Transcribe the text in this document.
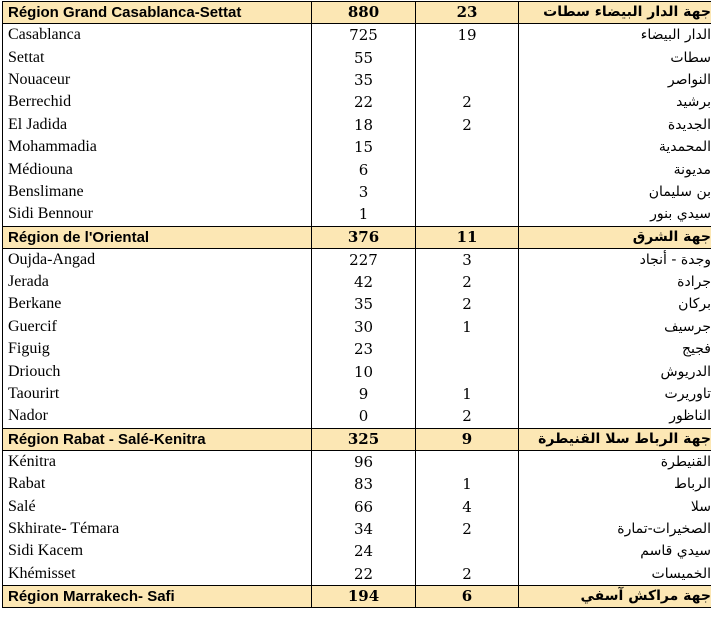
Région Grand Casablanca-Settat	880	23	جهة الدار البيضاء سطات
Casablanca	725	19	الدار البيضاء
Settat	55		سطات
Nouaceur	35		النواصر
Berrechid	22	2	برشيد
El Jadida	18	2	الجديدة
Mohammadia	15		المحمدية
Médiouna	6		مديونة
Benslimane	3		بن سليمان
Sidi Bennour	1		سيدي بنور
Région de l'Oriental	376	11	جهة الشرق
Oujda-Angad	227	3	وجدة - أنجاد
Jerada	42	2	جرادة
Berkane	35	2	بركان
Guercif	30	1	جرسيف
Figuig	23		فجيج
Driouch	10		الدريوش
Taourirt	9	1	تاوريرت
Nador	0	2	الناظور
Région Rabat - Salé-Kenitra	325	9	جهة الرباط سلا القنيطرة
Kénitra	96		القنيطرة
Rabat	83	1	الرباط
Salé	66	4	سلا
Skhirate- Témara	34	2	الصخيرات-تمارة
Sidi Kacem	24		سيدي قاسم
Khémisset	22	2	الخميسات
Région Marrakech- Safi	194	6	جهة مراكش آسفي
